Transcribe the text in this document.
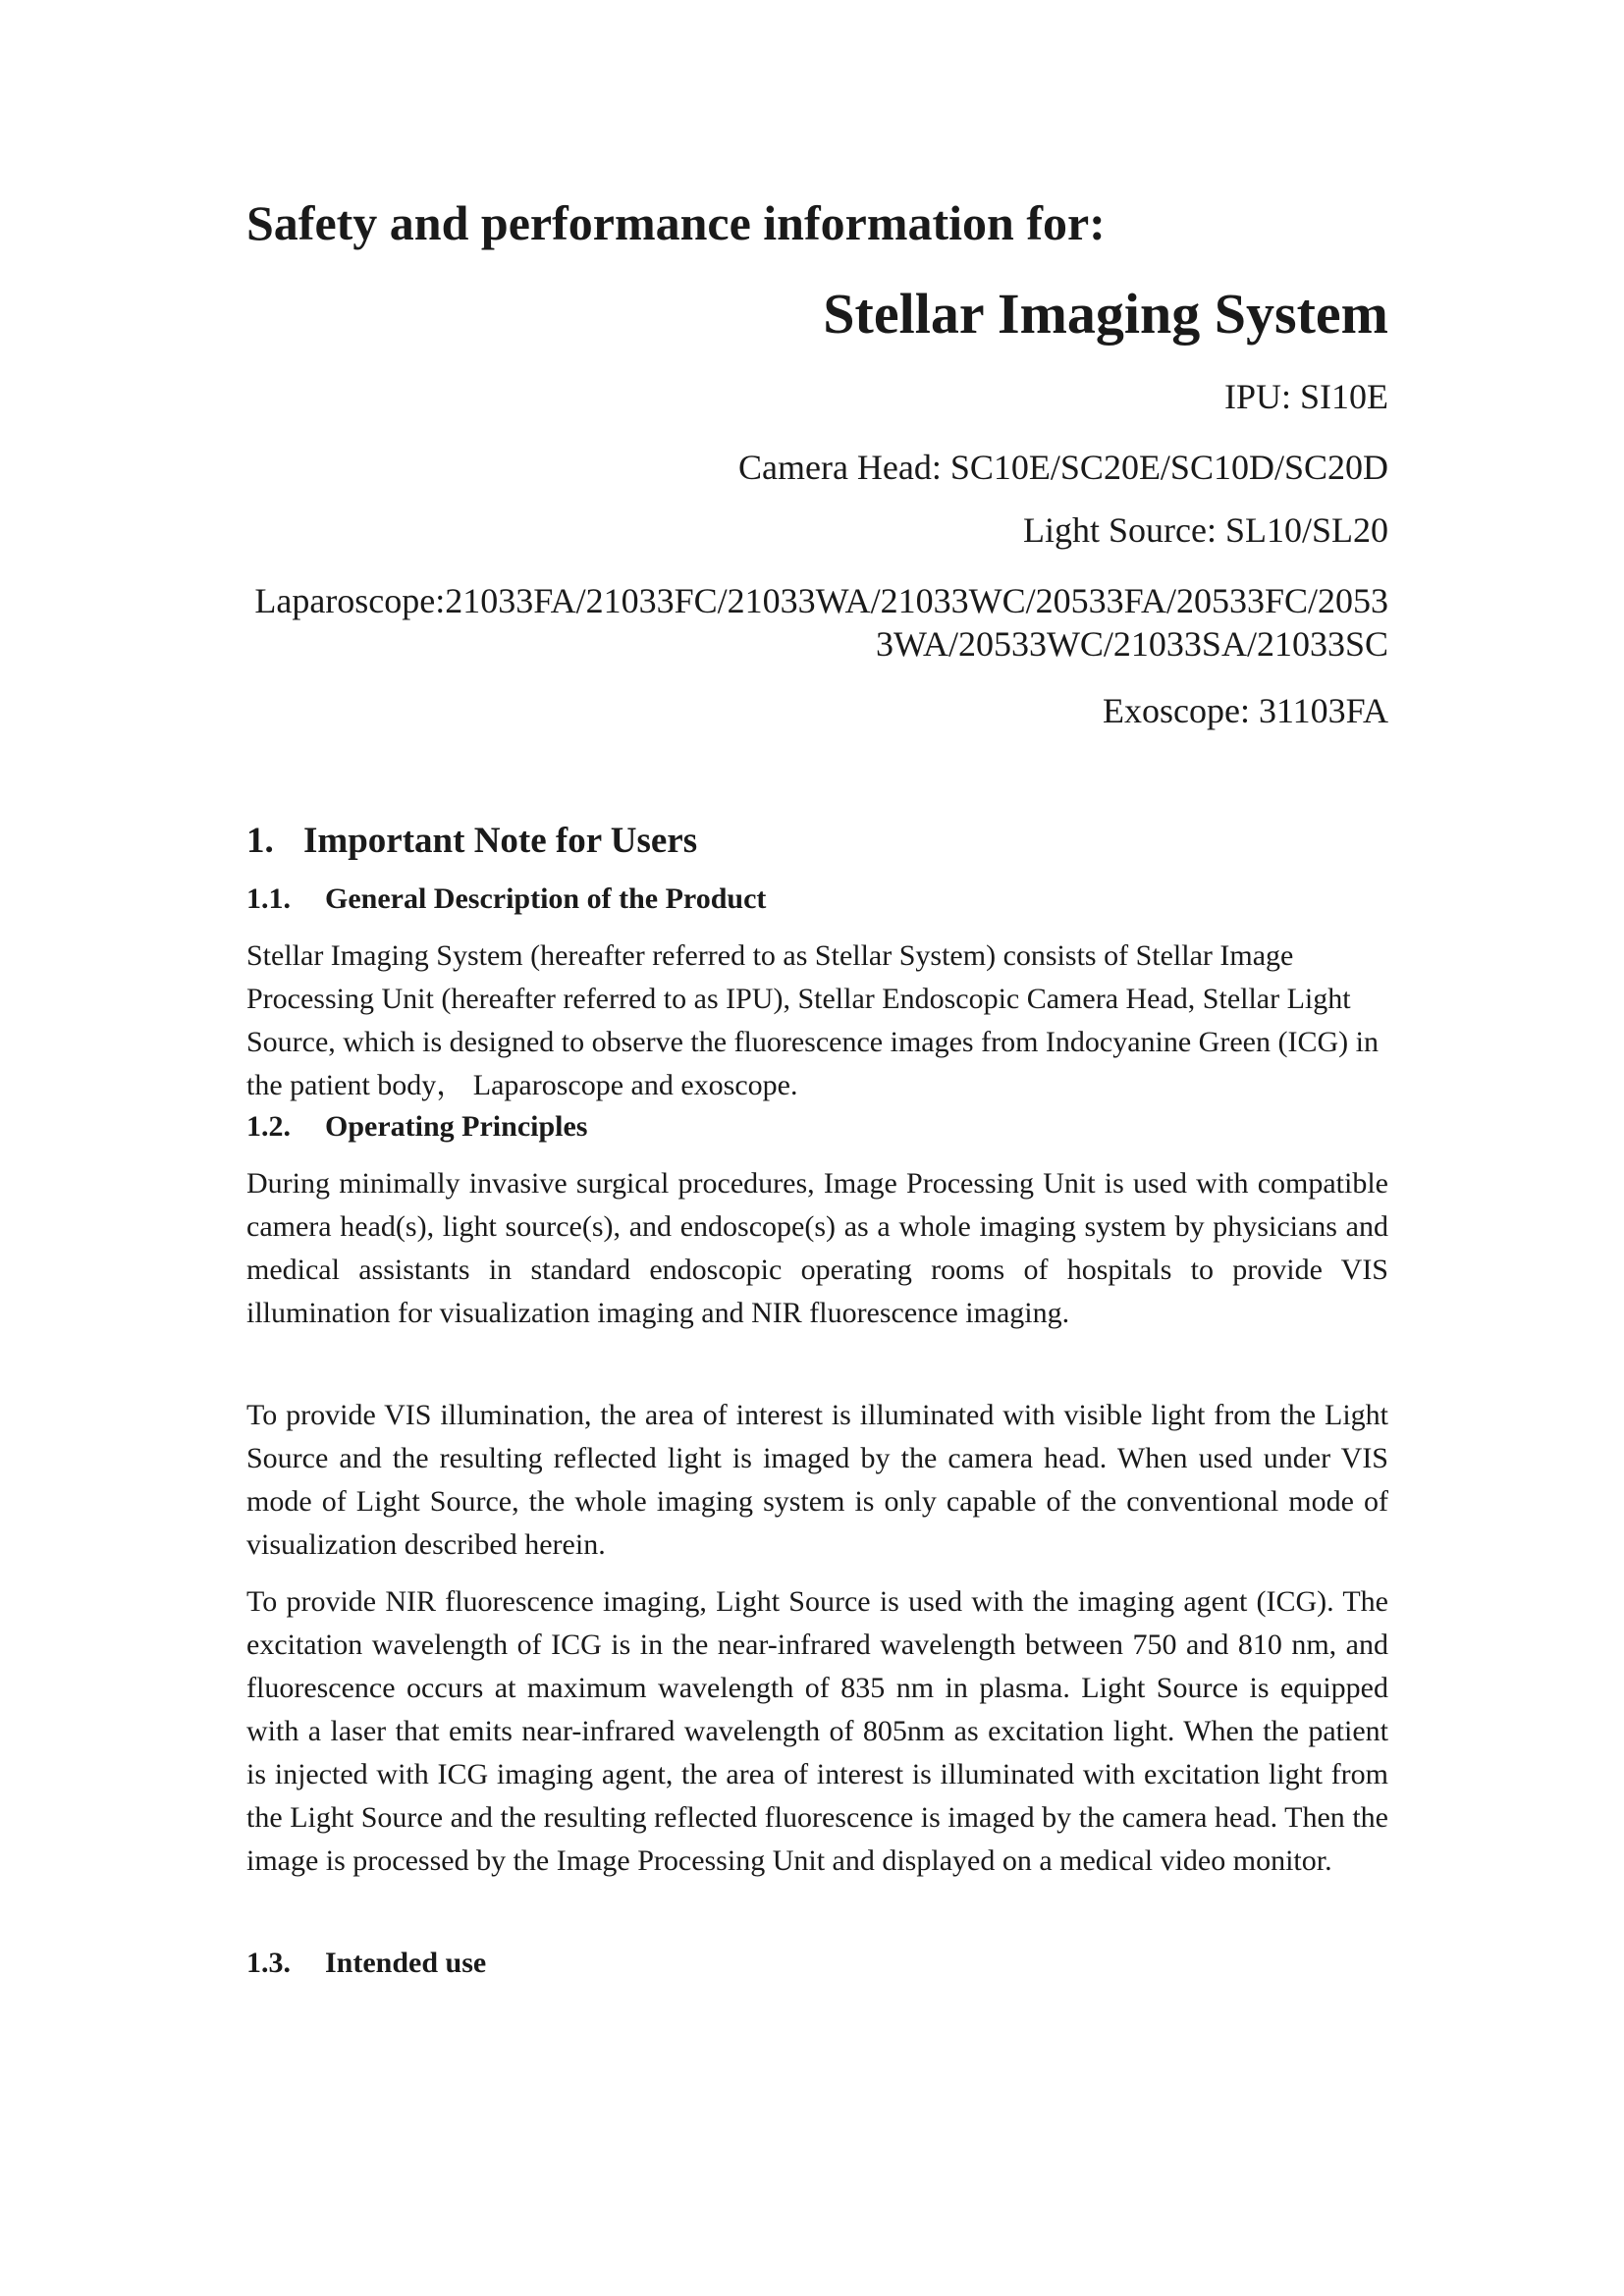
Safety and performance information for:
Stellar Imaging System

IPU: SI10E

Camera Head: SC10E/SC20E/SC10D/SC20D

Light Source: SL10/SL20

Laparoscope:21033FA/21033FC/21033WA/21033WC/20533FA/20533FC/20533WA/20533WC/21033SA/21033SC

Exoscope: 31103FA

1. Important Note for Users
1.1. General Description of the Product

Stellar Imaging System (hereafter referred to as Stellar System) consists of Stellar Image Processing Unit (hereafter referred to as IPU), Stellar Endoscopic Camera Head, Stellar Light Source, which is designed to observe the fluorescence images from Indocyanine Green (ICG) in the patient body， Laparoscope and exoscope.

1.2. Operating Principles

During minimally invasive surgical procedures, Image Processing Unit is used with compatible camera head(s), light source(s), and endoscope(s) as a whole imaging system by physicians and medical assistants in standard endoscopic operating rooms of hospitals to provide VIS illumination for visualization imaging and NIR fluorescence imaging.

To provide VIS illumination, the area of interest is illuminated with visible light from the Light Source and the resulting reflected light is imaged by the camera head. When used under VIS mode of Light Source, the whole imaging system is only capable of the conventional mode of visualization described herein.

To provide NIR fluorescence imaging, Light Source is used with the imaging agent (ICG). The excitation wavelength of ICG is in the near-infrared wavelength between 750 and 810 nm, and fluorescence occurs at maximum wavelength of 835 nm in plasma. Light Source is equipped with a laser that emits near-infrared wavelength of 805nm as excitation light. When the patient is injected with ICG imaging agent, the area of interest is illuminated with excitation light from the Light Source and the resulting reflected fluorescence is imaged by the camera head. Then the image is processed by the Image Processing Unit and displayed on a medical video monitor.

1.3. Intended use
